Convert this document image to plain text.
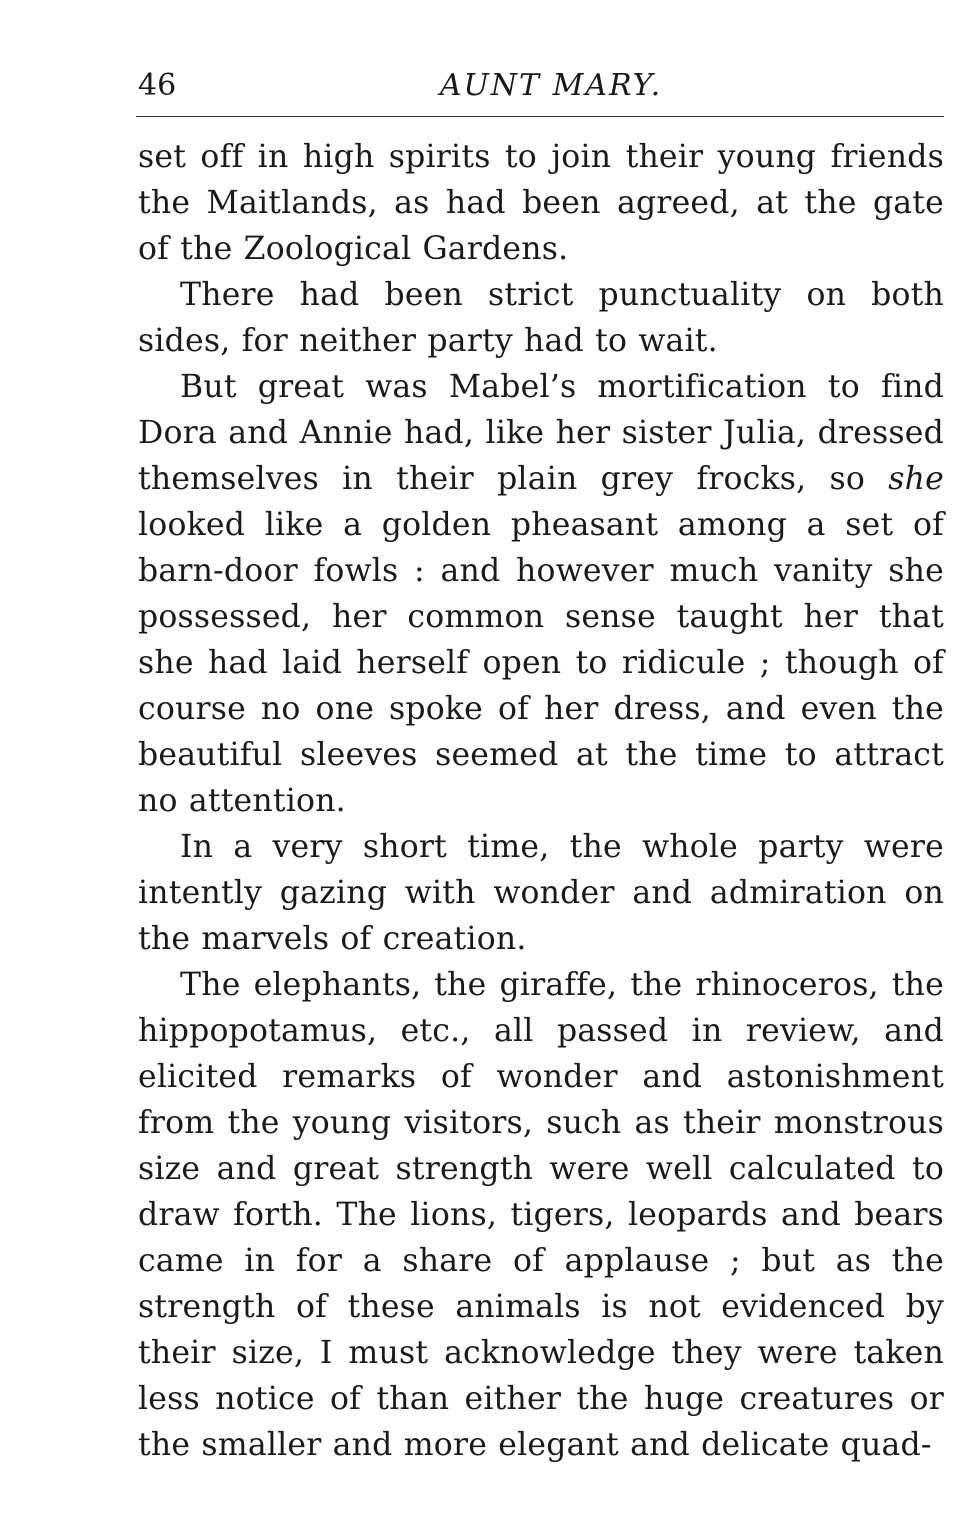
46	AUNT MARY.

set off in high spirits to join their young friends the Maitlands, as had been agreed, at the gate of the Zoological Gardens.

There had been strict punctuality on both sides, for neither party had to wait.

But great was Mabel’s mortification to find Dora and Annie had, like her sister Julia, dressed themselves in their plain grey frocks, so she looked like a golden pheasant among a set of barn-door fowls : and however much vanity she possessed, her common sense taught her that she had laid herself open to ridicule ; though of course no one spoke of her dress, and even the beautiful sleeves seemed at the time to attract no attention.

In a very short time, the whole party were intently gazing with wonder and admiration on the marvels of creation.

The elephants, the giraffe, the rhinoceros, the hippopotamus, etc., all passed in review, and elicited remarks of wonder and astonishment from the young visitors, such as their monstrous size and great strength were well calculated to draw forth. The lions, tigers, leopards and bears came in for a share of applause ; but as the strength of these animals is not evidenced by their size, I must acknowledge they were taken less notice of than either the huge creatures or the smaller and more elegant and delicate quad-
